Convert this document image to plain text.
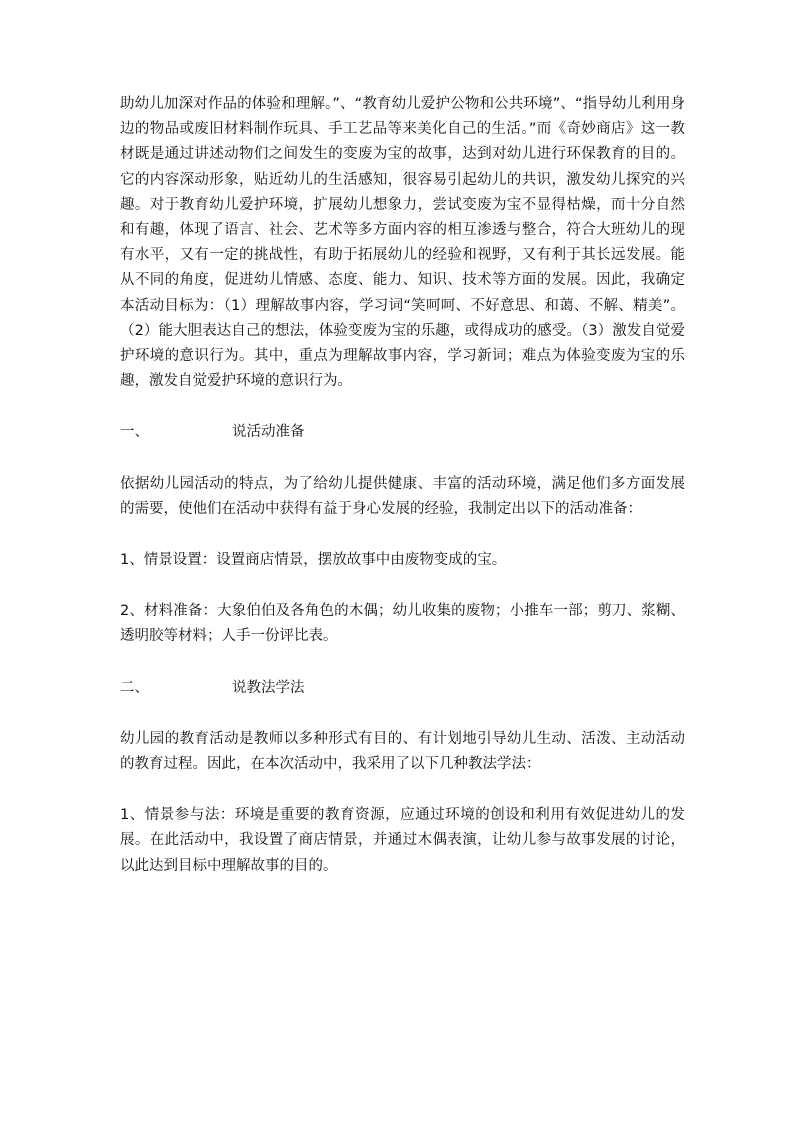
助幼儿加深对作品的体验和理解。”、“教育幼儿爱护公物和公共环境”、“指导幼儿利用身边的物品或废旧材料制作玩具、手工艺品等来美化自己的生活。”而《奇妙商店》这一教材既是通过讲述动物们之间发生的变废为宝的故事，达到对幼儿进行环保教育的目的。它的内容深动形象，贴近幼儿的生活感知，很容易引起幼儿的共识，激发幼儿探究的兴趣。对于教育幼儿爱护环境，扩展幼儿想象力，尝试变废为宝不显得枯燥，而十分自然和有趣，体现了语言、社会、艺术等多方面内容的相互渗透与整合，符合大班幼儿的现有水平，又有一定的挑战性，有助于拓展幼儿的经验和视野，又有利于其长远发展。能从不同的角度，促进幼儿情感、态度、能力、知识、技术等方面的发展。因此，我确定本活动目标为：（1）理解故事内容，学习词“笑呵呵、不好意思、和蔼、不解、精美”。（2）能大胆表达自己的想法，体验变废为宝的乐趣，或得成功的感受。（3）激发自觉爱护环境的意识行为。其中，重点为理解故事内容，学习新词；难点为体验变废为宝的乐趣，激发自觉爱护环境的意识行为。

一、	说活动准备

依据幼儿园活动的特点，为了给幼儿提供健康、丰富的活动环境，满足他们多方面发展的需要，使他们在活动中获得有益于身心发展的经验，我制定出以下的活动准备：

1、情景设置：设置商店情景，摆放故事中由废物变成的宝。

2、材料准备：大象伯伯及各角色的木偶；幼儿收集的废物；小推车一部；剪刀、浆糊、透明胶等材料；人手一份评比表。

二、	说教法学法

幼儿园的教育活动是教师以多种形式有目的、有计划地引导幼儿生动、活泼、主动活动的教育过程。因此，在本次活动中，我采用了以下几种教法学法：

1、情景参与法：环境是重要的教育资源，应通过环境的创设和利用有效促进幼儿的发展。在此活动中，我设置了商店情景，并通过木偶表演，让幼儿参与故事发展的讨论，以此达到目标中理解故事的目的。
